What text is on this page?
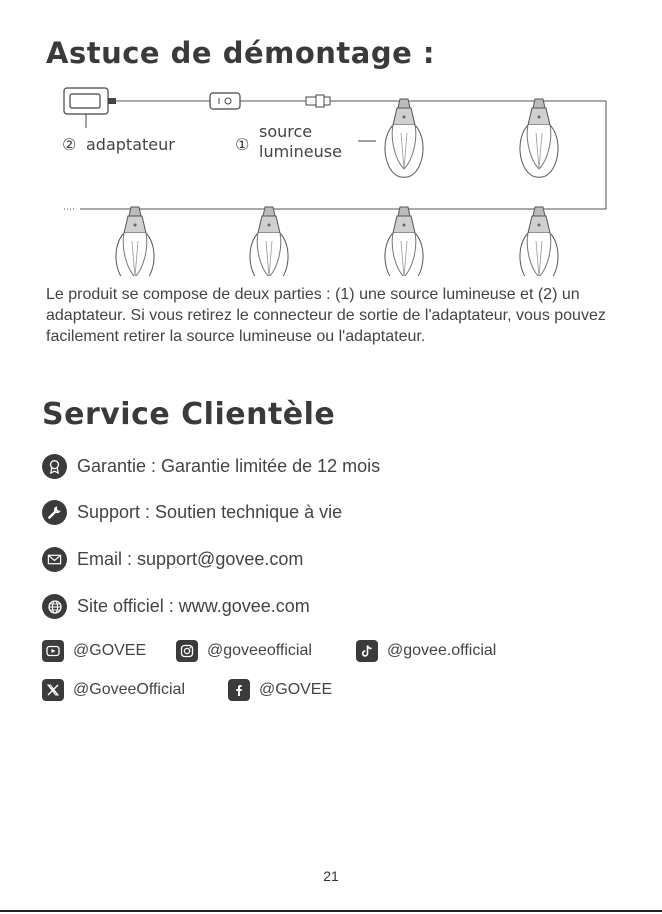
Astuce de démontage :
② adaptateur	①
source
lumineuse
Le produit se compose de deux parties : (1) une source lumineuse et (2) un adaptateur. Si vous retirez le connecteur de sortie de l'adaptateur, vous pouvez facilement retirer la source lumineuse ou l'adaptateur.
Service Clientèle
Garantie : Garantie limitée de 12 mois
Support : Soutien technique à vie
Email : support@govee.com
Site officiel : www.govee.com
@GOVEE	@goveeofficial	@govee.official
@GoveeOfficial	@GOVEE
21
